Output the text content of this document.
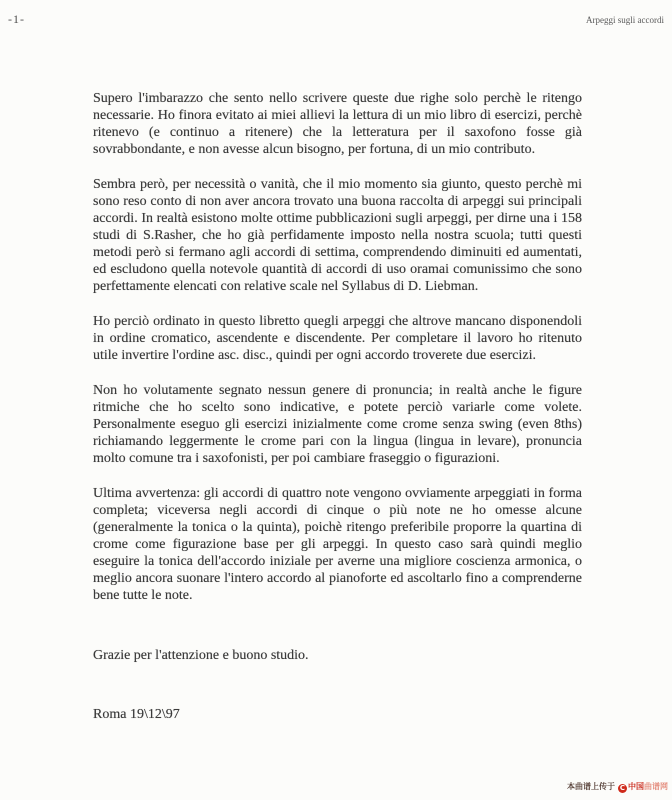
-1-	Arpeggi sugli accordi

Supero l'imbarazzo che sento nello scrivere queste due righe solo perchè le ritengo necessarie. Ho finora evitato ai miei allievi la lettura di un mio libro di esercizi, perchè ritenevo (e continuo a ritenere) che la letteratura per il saxofono fosse già sovrabbondante, e non avesse alcun bisogno, per fortuna, di un mio contributo.

Sembra però, per necessità o vanità, che il mio momento sia giunto, questo perchè mi sono reso conto di non aver ancora trovato una buona raccolta di arpeggi sui principali accordi. In realtà esistono molte ottime pubblicazioni sugli arpeggi, per dirne una i 158 studi di S.Rasher, che ho già perfidamente imposto nella nostra scuola; tutti questi metodi però si fermano agli accordi di settima, comprendendo diminuiti ed aumentati, ed escludono quella notevole quantità di accordi di uso oramai comunissimo che sono perfettamente elencati con relative scale nel Syllabus di D. Liebman.

Ho perciò ordinato in questo libretto quegli arpeggi che altrove mancano disponendoli in ordine cromatico, ascendente e discendente. Per completare il lavoro ho ritenuto utile invertire l'ordine asc. disc., quindi per ogni accordo troverete due esercizi.

Non ho volutamente segnato nessun genere di pronuncia; in realtà anche le figure ritmiche che ho scelto sono indicative, e potete perciò variarle come volete. Personalmente eseguo gli esercizi inizialmente come crome senza swing (even 8ths) richiamando leggermente le crome pari con la lingua (lingua in levare), pronuncia molto comune tra i saxofonisti, per poi cambiare fraseggio o figurazioni.

Ultima avvertenza: gli accordi di quattro note vengono ovviamente arpeggiati in forma completa; viceversa negli accordi di cinque o più note ne ho omesse alcune (generalmente la tonica o la quinta), poichè ritengo preferibile proporre la quartina di crome come figurazione base per gli arpeggi. In questo caso sarà quindi meglio eseguire la tonica dell'accordo iniziale per averne una migliore coscienza armonica, o meglio ancora suonare l'intero accordo al pianoforte ed ascoltarlo fino a comprenderne bene tutte le note.

Grazie per l'attenzione e buono studio.

Roma 19\12\97

本曲谱上传于 C 中国曲谱网
